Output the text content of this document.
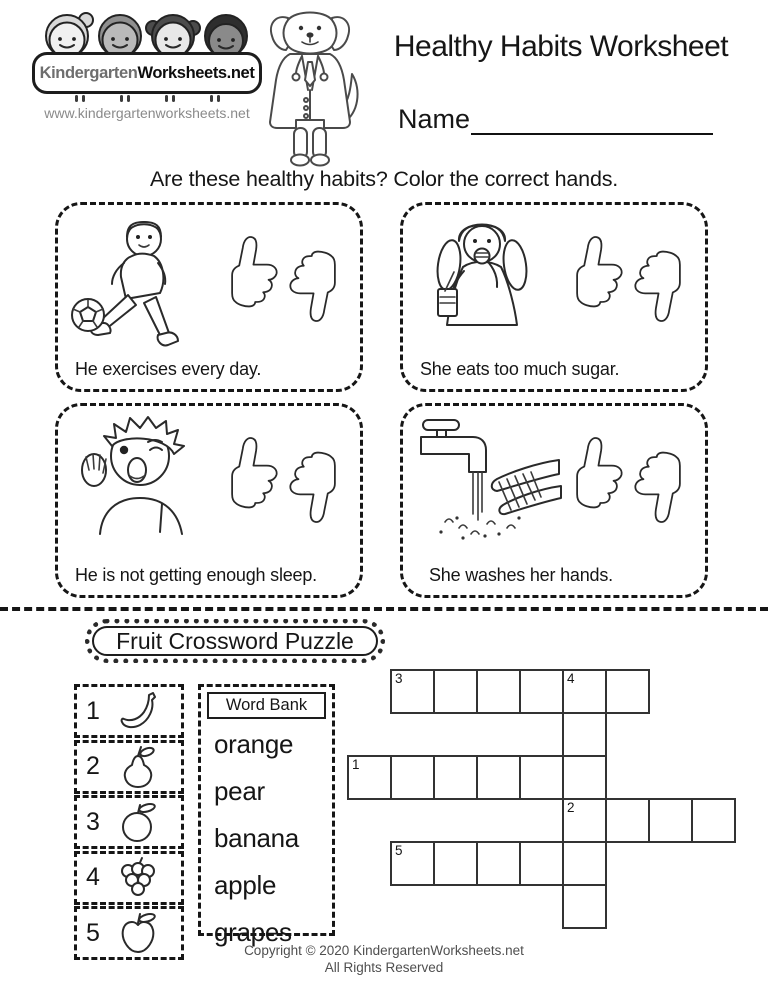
Kindergarten Worksheets.net
www.kindergartenworksheets.net
Healthy Habits Worksheet
Name
Are these healthy habits? Color the correct hands.
He exercises every day.	She eats too much sugar.
He is not getting enough sleep.	She washes her hands.
Fruit Crossword Puzzle
1
2
3
4
5
Word Bank
orange
pear
banana
apple
grapes
3	4
1
2
5
Copyright © 2020 KindergartenWorksheets.net
All Rights Reserved
